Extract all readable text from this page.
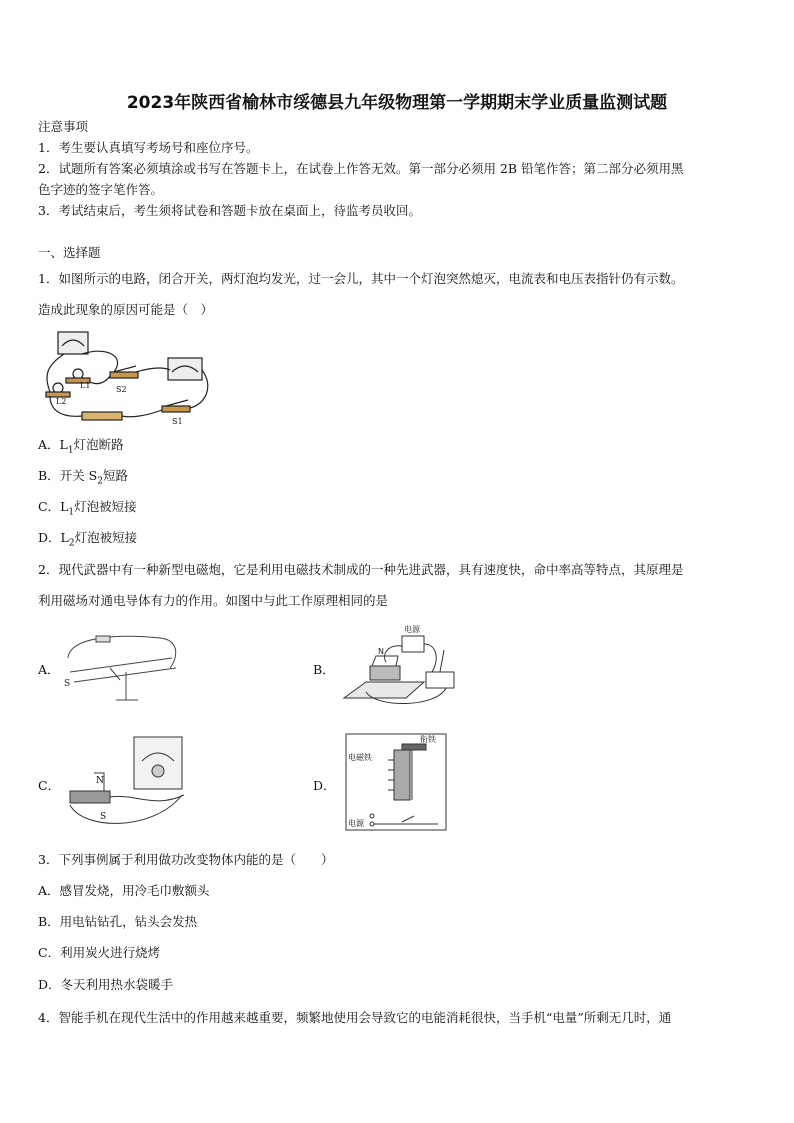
2023年陕西省榆林市绥德县九年级物理第一学期期末学业质量监测试题
注意事项
1．考生要认真填写考场号和座位序号。
2．试题所有答案必须填涂或书写在答题卡上，在试卷上作答无效。第一部分必须用 2B 铅笔作答；第二部分必须用黑
色字迹的签字笔作答。
3．考试结束后，考生须将试卷和答题卡放在桌面上，待监考员收回。
一、选择题
1．如图所示的电路，闭合开关，两灯泡均发光，过一会儿，其中一个灯泡突然熄灭，电流表和电压表指针仍有示数。
造成此现象的原因可能是（　）
L1	S2
L2
S1
A．$L_1$灯泡断路
B．开关 $S_2$短路
C．$L_1$灯泡被短接
D．$L_2$灯泡被短接
2．现代武器中有一种新型电磁炮，它是利用电磁技术制成的一种先进武器，具有速度快，命中率高等特点，其原理是
利用磁场对通电导体有力的作用。如图中与此工作原理相同的是
A．
S
B．
电源
N
C．	N
S
D．
衔铁
电磁铁
电源
3．下列事例属于利用做功改变物体内能的是（　　）
A．感冒发烧，用冷毛巾敷额头
B．用电钻钻孔，钻头会发热
C．利用炭火进行烧烤
D．冬天利用热水袋暖手
4．智能手机在现代生活中的作用越来越重要，频繁地使用会导致它的电能消耗很快，当手机“电量”所剩无几时，通
